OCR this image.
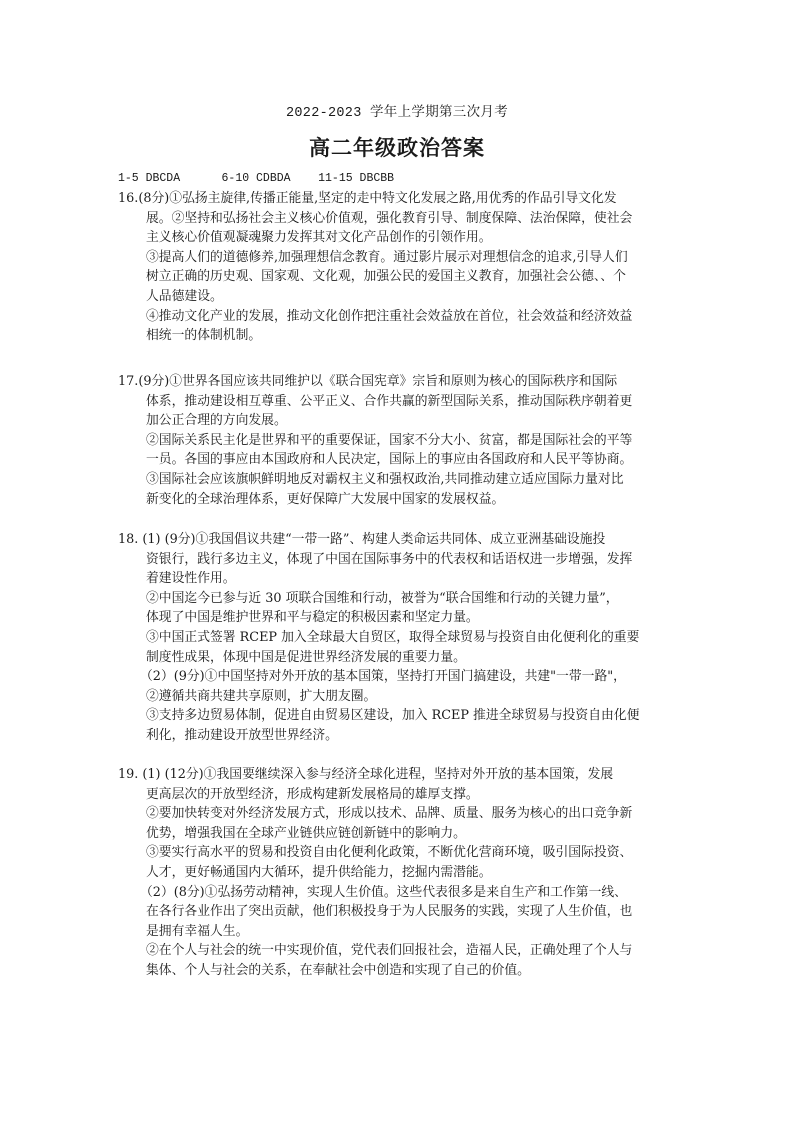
2022-2023 学年上学期第三次月考
高二年级政治答案
1-5 DBCDA      6-10 CDBDA    11-15 DBCBB
16.(8分)①弘扬主旋律,传播正能量,坚定的走中特文化发展之路,用优秀的作品引导文化发
展。②坚持和弘扬社会主义核心价值观，强化教育引导、制度保障、法治保障，使社会
主义核心价值观凝魂聚力发挥其对文化产品创作的引领作用。
③提高人们的道德修养,加强理想信念教育。通过影片展示对理想信念的追求,引导人们
树立正确的历史观、国家观、文化观，加强公民的爱国主义教育，加强社会公德、、个
人品德建设。
④推动文化产业的发展，推动文化创作把注重社会效益放在首位，社会效益和经济效益
相统一的体制机制。
17.(9分)①世界各国应该共同维护以《联合国宪章》宗旨和原则为核心的国际秩序和国际
体系，推动建设相互尊重、公平正义、合作共赢的新型国际关系，推动国际秩序朝着更
加公正合理的方向发展。
②国际关系民主化是世界和平的重要保证，国家不分大小、贫富，都是国际社会的平等
一员。各国的事应由本国政府和人民决定，国际上的事应由各国政府和人民平等协商。
③国际社会应该旗帜鲜明地反对霸权主义和强权政治,共同推动建立适应国际力量对比
新变化的全球治理体系，更好保障广大发展中国家的发展权益。
18. (1) (9分)①我国倡议共建“一带一路”、构建人类命运共同体、成立亚洲基础设施投
资银行，践行多边主义，体现了中国在国际事务中的代表权和话语权进一步增强，发挥
着建设性作用。
②中国迄今已参与近 30 项联合国维和行动，被誉为“联合国维和行动的关键力量”，
体现了中国是维护世界和平与稳定的积极因素和坚定力量。
③中国正式签署 RCEP 加入全球最大自贸区，取得全球贸易与投资自由化便利化的重要
制度性成果，体现中国是促进世界经济发展的重要力量。
（2）(9分)①中国坚持对外开放的基本国策，坚持打开国门搞建设，共建"一带一路"，
②遵循共商共建共享原则，扩大朋友圈。
③支持多边贸易体制，促进自由贸易区建设，加入 RCEP 推进全球贸易与投资自由化便
利化，推动建设开放型世界经济。
19. (1) (12分)①我国要继续深入参与经济全球化进程，坚持对外开放的基本国策，发展
更高层次的开放型经济，形成构建新发展格局的雄厚支撑。
②要加快转变对外经济发展方式，形成以技术、品牌、质量、服务为核心的出口竞争新
优势，增强我国在全球产业链供应链创新链中的影响力。
③要实行高水平的贸易和投资自由化便利化政策，不断优化营商环境，吸引国际投资、
人才，更好畅通国内大循环，提升供给能力，挖掘内需潜能。
（2）(8分)①弘扬劳动精神，实现人生价值。这些代表很多是来自生产和工作第一线、
在各行各业作出了突出贡献，他们积极投身于为人民服务的实践，实现了人生价值，也
是拥有幸福人生。
②在个人与社会的统一中实现价值，党代表们回报社会，造福人民，正确处理了个人与
集体、个人与社会的关系，在奉献社会中创造和实现了自己的价值。
